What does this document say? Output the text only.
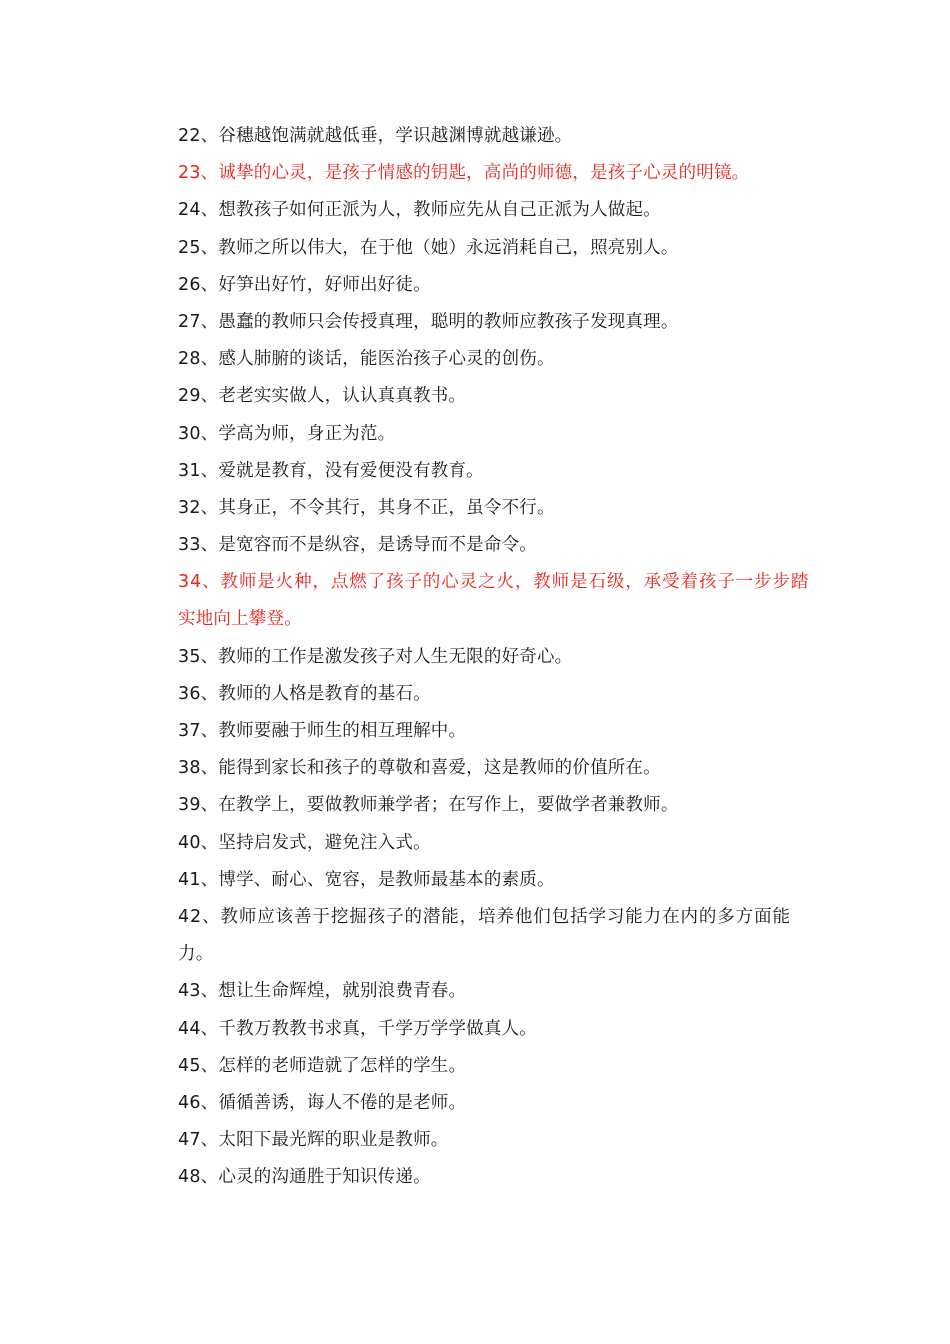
22、谷穗越饱满就越低垂，学识越渊博就越谦逊。
23、诚挚的心灵，是孩子情感的钥匙，高尚的师德，是孩子心灵的明镜。
24、想教孩子如何正派为人，教师应先从自己正派为人做起。
25、教师之所以伟大，在于他（她）永远消耗自己，照亮别人。
26、好笋出好竹，好师出好徒。
27、愚蠢的教师只会传授真理，聪明的教师应教孩子发现真理。
28、感人肺腑的谈话，能医治孩子心灵的创伤。
29、老老实实做人，认认真真教书。
30、学高为师，身正为范。
31、爱就是教育，没有爱便没有教育。
32、其身正，不令其行，其身不正，虽令不行。
33、是宽容而不是纵容，是诱导而不是命令。
34、教师是火种，点燃了孩子的心灵之火，教师是石级，承受着孩子一步步踏
实地向上攀登。
35、教师的工作是激发孩子对人生无限的好奇心。
36、教师的人格是教育的基石。
37、教师要融于师生的相互理解中。
38、能得到家长和孩子的尊敬和喜爱，这是教师的价值所在。
39、在教学上，要做教师兼学者；在写作上，要做学者兼教师。
40、坚持启发式，避免注入式。
41、博学、耐心、宽容，是教师最基本的素质。
42、教师应该善于挖掘孩子的潜能，培养他们包括学习能力在内的多方面能
力。
43、想让生命辉煌，就别浪费青春。
44、千教万教教书求真，千学万学学做真人。
45、怎样的老师造就了怎样的学生。
46、循循善诱，诲人不倦的是老师。
47、太阳下最光辉的职业是教师。
48、心灵的沟通胜于知识传递。
